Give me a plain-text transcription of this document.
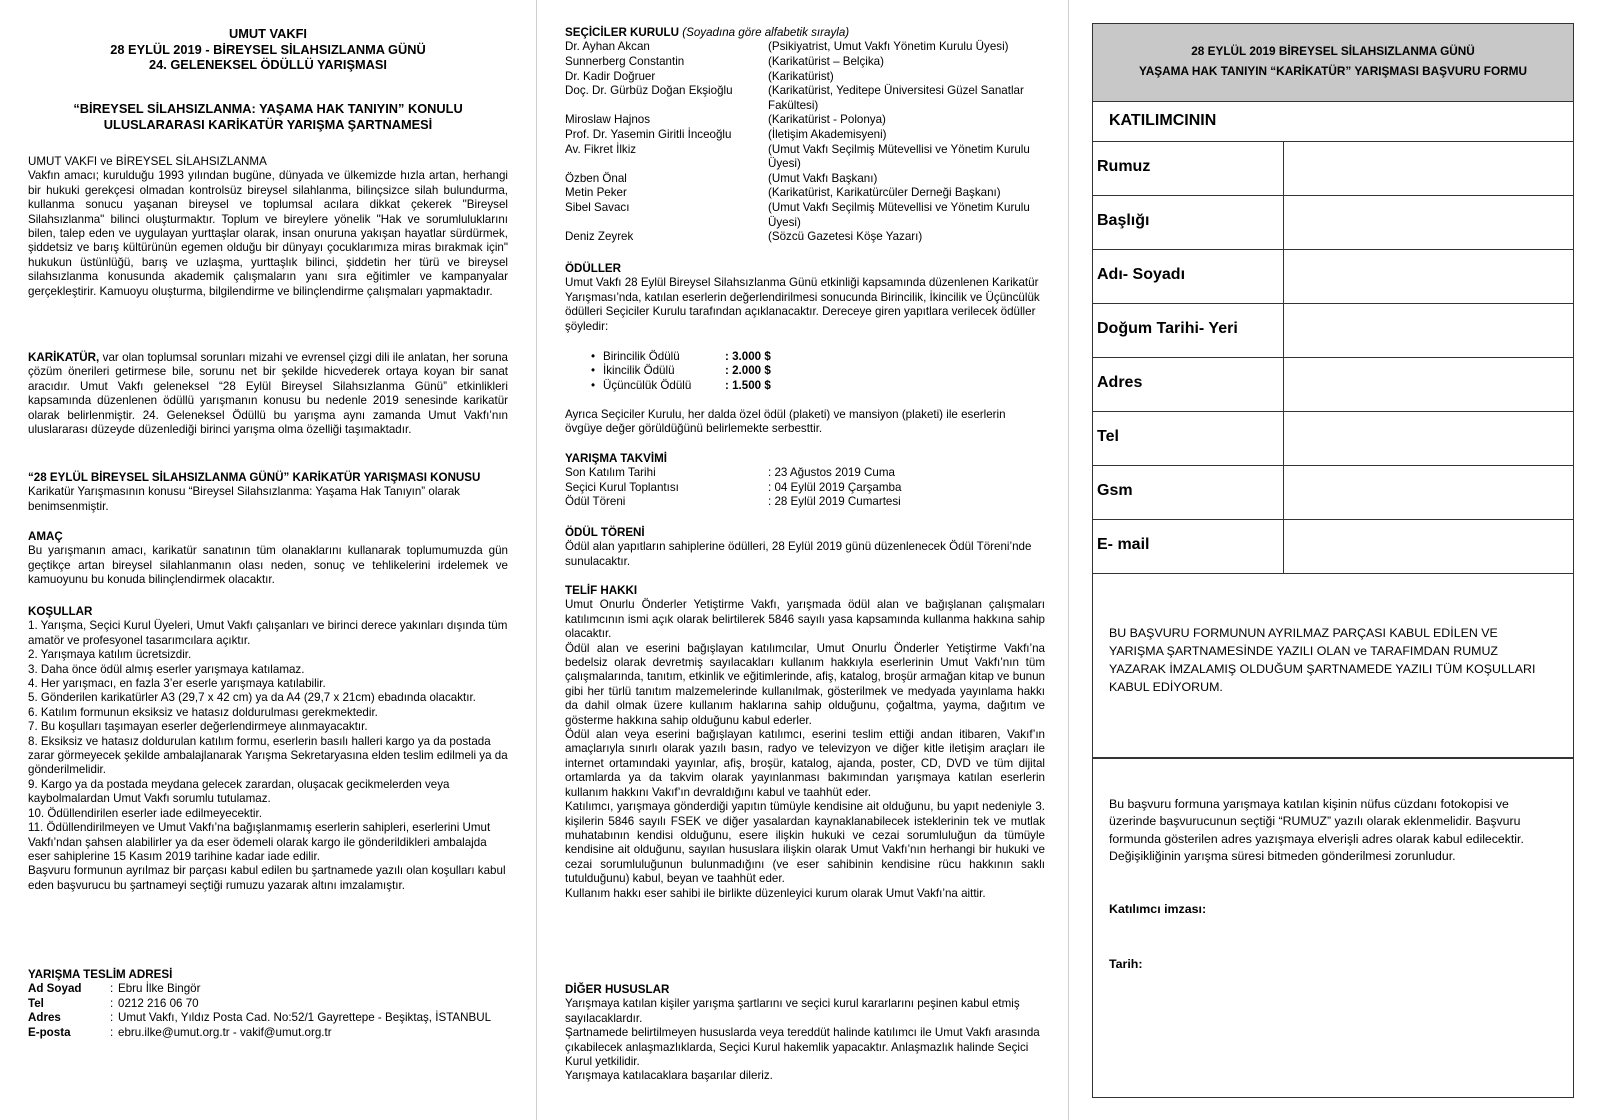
UMUT VAKFI
28 EYLÜL 2019 - BİREYSEL SİLAHSIZLANMA GÜNÜ
24. GELENEKSEL ÖDÜLLÜ YARIŞMASI
“BİREYSEL SİLAHSIZLANMA: YAŞAMA HAK TANIYIN” KONULU
ULUSLARARASI KARİKATÜR YARIŞMA ŞARTNAMESİ
UMUT VAKFI ve BİREYSEL SİLAHSIZLANMA
Vakfın amacı; kurulduğu 1993 yılından bugüne, dünyada ve ülkemizde hızla artan, herhangi bir hukuki gerekçesi olmadan kontrolsüz bireysel silahlanma, bilinçsizce silah bulundurma, kullanma sonucu yaşanan bireysel ve toplumsal acılara dikkat çekerek "Bireysel Silahsızlanma" bilinci oluşturmaktır. Toplum ve bireylere yönelik "Hak ve sorumluluklarını bilen, talep eden ve uygulayan yurttaşlar olarak, insan onuruna yakışan hayatlar sürdürmek, şiddetsiz ve barış kültürünün egemen olduğu bir dünyayı çocuklarımıza miras bırakmak için" hukukun üstünlüğü, barış ve uzlaşma, yurttaşlık bilinci, şiddetin her türü ve bireysel silahsızlanma konusunda akademik çalışmaların yanı sıra eğitimler ve kampanyalar gerçekleştirir. Kamuoyu oluşturma, bilgilendirme ve bilinçlendirme çalışmaları yapmaktadır.
KARİKATÜR, var olan toplumsal sorunları mizahi ve evrensel çizgi dili ile anlatan, her soruna çözüm önerileri getirmese bile, sorunu net bir şekilde hicvederek ortaya koyan bir sanat aracıdır. Umut Vakfı geleneksel “28 Eylül Bireysel Silahsızlanma Günü” etkinlikleri kapsamında düzenlenen ödüllü yarışmanın konusu bu nedenle 2019 senesinde karikatür olarak belirlenmiştir. 24. Geleneksel Ödüllü bu yarışma aynı zamanda Umut Vakfı’nın uluslararası düzeyde düzenlediği birinci yarışma olma özelliği taşımaktadır.
“28 EYLÜL BİREYSEL SİLAHSIZLANMA GÜNÜ” KARİKATÜR YARIŞMASI KONUSU
Karikatür Yarışmasının konusu “Bireysel Silahsızlanma: Yaşama Hak Tanıyın” olarak benimsenmiştir.
AMAÇ
Bu yarışmanın amacı, karikatür sanatının tüm olanaklarını kullanarak toplumumuzda gün geçtikçe artan bireysel silahlanmanın olası neden, sonuç ve tehlikelerini irdelemek ve kamuoyunu bu konuda bilinçlendirmek olacaktır.
KOŞULLAR
1. Yarışma, Seçici Kurul Üyeleri, Umut Vakfı çalışanları ve birinci derece yakınları dışında tüm amatör ve profesyonel tasarımcılara açıktır.
2. Yarışmaya katılım ücretsizdir.
3. Daha önce ödül almış eserler yarışmaya katılamaz.
4. Her yarışmacı, en fazla 3’er eserle yarışmaya katılabilir.
5. Gönderilen karikatürler A3 (29,7 x 42 cm) ya da A4 (29,7 x 21cm) ebadında olacaktır.
6. Katılım formunun eksiksiz ve hatasız doldurulması gerekmektedir.
7. Bu koşulları taşımayan eserler değerlendirmeye alınmayacaktır.
8. Eksiksiz ve hatasız doldurulan katılım formu, eserlerin basılı halleri kargo ya da postada zarar görmeyecek şekilde ambalajlanarak Yarışma Sekretaryasına elden teslim edilmeli ya da gönderilmelidir.
9. Kargo ya da postada meydana gelecek zarardan, oluşacak gecikmelerden veya kaybolmalardan Umut Vakfı sorumlu tutulamaz.
10. Ödüllendirilen eserler iade edilmeyecektir.
11. Ödüllendirilmeyen ve Umut Vakfı’na bağışlanmamış eserlerin sahipleri, eserlerini Umut Vakfı’ndan şahsen alabilirler ya da eser ödemeli olarak kargo ile gönderildikleri ambalajda eser sahiplerine 15 Kasım 2019 tarihine kadar iade edilir.
Başvuru formunun ayrılmaz bir parçası kabul edilen bu şartnamede yazılı olan koşulları kabul eden başvurucu bu şartnameyi seçtiği rumuzu yazarak altını imzalamıştır.
YARIŞMA TESLİM ADRESİ
Ad Soyad	: Ebru İlke Bingör
Tel	: 0212 216 06 70
Adres	: Umut Vakfı, Yıldız Posta Cad. No:52/1 Gayrettepe - Beşiktaş, İSTANBUL
E-posta	: ebru.ilke@umut.org.tr - vakif@umut.org.tr
SEÇİCİLER KURULU (Soyadına göre alfabetik sırayla)
Dr. Ayhan Akcan	(Psikiyatrist, Umut Vakfı Yönetim Kurulu Üyesi)
Sunnerberg Constantin	(Karikatürist – Belçika)
Dr. Kadir Doğruer	(Karikatürist)
Doç. Dr. Gürbüz Doğan Ekşioğlu	(Karikatürist, Yeditepe Üniversitesi Güzel Sanatlar Fakültesi)
Miroslaw Hajnos	(Karikatürist - Polonya)
Prof. Dr. Yasemin Giritli İnceoğlu	(İletişim Akademisyeni)
Av. Fikret İlkiz	(Umut Vakfı Seçilmiş Mütevellisi ve Yönetim Kurulu Üyesi)
Özben Önal	(Umut Vakfı Başkanı)
Metin Peker	(Karikatürist, Karikatürcüler Derneği Başkanı)
Sibel Savacı	(Umut Vakfı Seçilmiş Mütevellisi ve Yönetim Kurulu Üyesi)
Deniz Zeyrek	(Sözcü Gazetesi Köşe Yazarı)
ÖDÜLLER
Umut Vakfı 28 Eylül Bireysel Silahsızlanma Günü etkinliği kapsamında düzenlenen Karikatür Yarışması’nda, katılan eserlerin değerlendirilmesi sonucunda Birincilik, İkincilik ve Üçüncülük ödülleri Seçiciler Kurulu tarafından açıklanacaktır. Dereceye giren yapıtlara verilecek ödüller şöyledir:
• Birincilik Ödülü	: 3.000 $
• İkincilik Ödülü	: 2.000 $
• Üçüncülük Ödülü	: 1.500 $
Ayrıca Seçiciler Kurulu, her dalda özel ödül (plaketi) ve mansiyon (plaketi) ile eserlerin övgüye değer görüldüğünü belirlemekte serbesttir.
YARIŞMA TAKVİMİ
Son Katılım Tarihi	: 23 Ağustos 2019 Cuma
Seçici Kurul Toplantısı	: 04 Eylül 2019 Çarşamba
Ödül Töreni	: 28 Eylül 2019 Cumartesi
ÖDÜL TÖRENİ
Ödül alan yapıtların sahiplerine ödülleri, 28 Eylül 2019 günü düzenlenecek Ödül Töreni’nde sunulacaktır.
TELİF HAKKI
Umut Onurlu Önderler Yetiştirme Vakfı, yarışmada ödül alan ve bağışlanan çalışmaları katılımcının ismi açık olarak belirtilerek 5846 sayılı yasa kapsamında kullanma hakkına sahip olacaktır.
Ödül alan ve eserini bağışlayan katılımcılar, Umut Onurlu Önderler Yetiştirme Vakfı’na bedelsiz olarak devretmiş sayılacakları kullanım hakkıyla eserlerinin Umut Vakfı’nın tüm çalışmalarında, tanıtım, etkinlik ve eğitimlerinde, afiş, katalog, broşür armağan kitap ve bunun gibi her türlü tanıtım malzemelerinde kullanılmak, gösterilmek ve medyada yayınlama hakkı da dahil olmak üzere kullanım haklarına sahip olduğunu, çoğaltma, yayma, dağıtım ve gösterme hakkına sahip olduğunu kabul ederler.
Ödül alan veya eserini bağışlayan katılımcı, eserini teslim ettiği andan itibaren, Vakıf’ın amaçlarıyla sınırlı olarak yazılı basın, radyo ve televizyon ve diğer kitle iletişim araçları ile internet ortamındaki yayınlar, afiş, broşür, katalog, ajanda, poster, CD, DVD ve tüm dijital ortamlarda ya da takvim olarak yayınlanması bakımından yarışmaya katılan eserlerin kullanım hakkını Vakıf’ın devraldığını kabul ve taahhüt eder.
Katılımcı, yarışmaya gönderdiği yapıtın tümüyle kendisine ait olduğunu, bu yapıt nedeniyle 3. kişilerin 5846 sayılı FSEK ve diğer yasalardan kaynaklanabilecek isteklerinin tek ve mutlak muhatabının kendisi olduğunu, esere ilişkin hukuki ve cezai sorumluluğun da tümüyle kendisine ait olduğunu, sayılan hususlara ilişkin olarak Umut Vakfı’nın herhangi bir hukuki ve cezai sorumluluğunun bulunmadığını (ve eser sahibinin kendisine rücu hakkının saklı tutulduğunu) kabul, beyan ve taahhüt eder.
Kullanım hakkı eser sahibi ile birlikte düzenleyici kurum olarak Umut Vakfı’na aittir.
DİĞER HUSUSLAR
Yarışmaya katılan kişiler yarışma şartlarını ve seçici kurul kararlarını peşinen kabul etmiş sayılacaklardır.
Şartnamede belirtilmeyen hususlarda veya tereddüt halinde katılımcı ile Umut Vakfı arasında çıkabilecek anlaşmazlıklarda, Seçici Kurul hakemlik yapacaktır. Anlaşmazlık halinde Seçici Kurul yetkilidir.
Yarışmaya katılacaklara başarılar dileriz.
28 EYLÜL 2019 BİREYSEL SİLAHSIZLANMA GÜNÜ
YAŞAMA HAK TANIYIN “KARİKATÜR” YARIŞMASI BAŞVURU FORMU
KATILIMCININ
Rumuz
Başlığı
Adı- Soyadı
Doğum Tarihi- Yeri
Adres
Tel
Gsm
E- mail
BU BAŞVURU FORMUNUN AYRILMAZ PARÇASI KABUL EDİLEN VE YARIŞMA ŞARTNAMESİNDE YAZILI OLAN ve TARAFIMDAN RUMUZ YAZARAK İMZALAMIŞ OLDUĞUM ŞARTNAMEDE YAZILI TÜM KOŞULLARI KABUL EDİYORUM.
Bu başvuru formuna yarışmaya katılan kişinin nüfus cüzdanı fotokopisi ve üzerinde başvurucunun seçtiği “RUMUZ” yazılı olarak eklenmelidir. Başvuru formunda gösterilen adres yazışmaya elverişli adres olarak kabul edilecektir. Değişikliğinin yarışma süresi bitmeden gönderilmesi zorunludur.
Katılımcı imzası:
Tarih:
